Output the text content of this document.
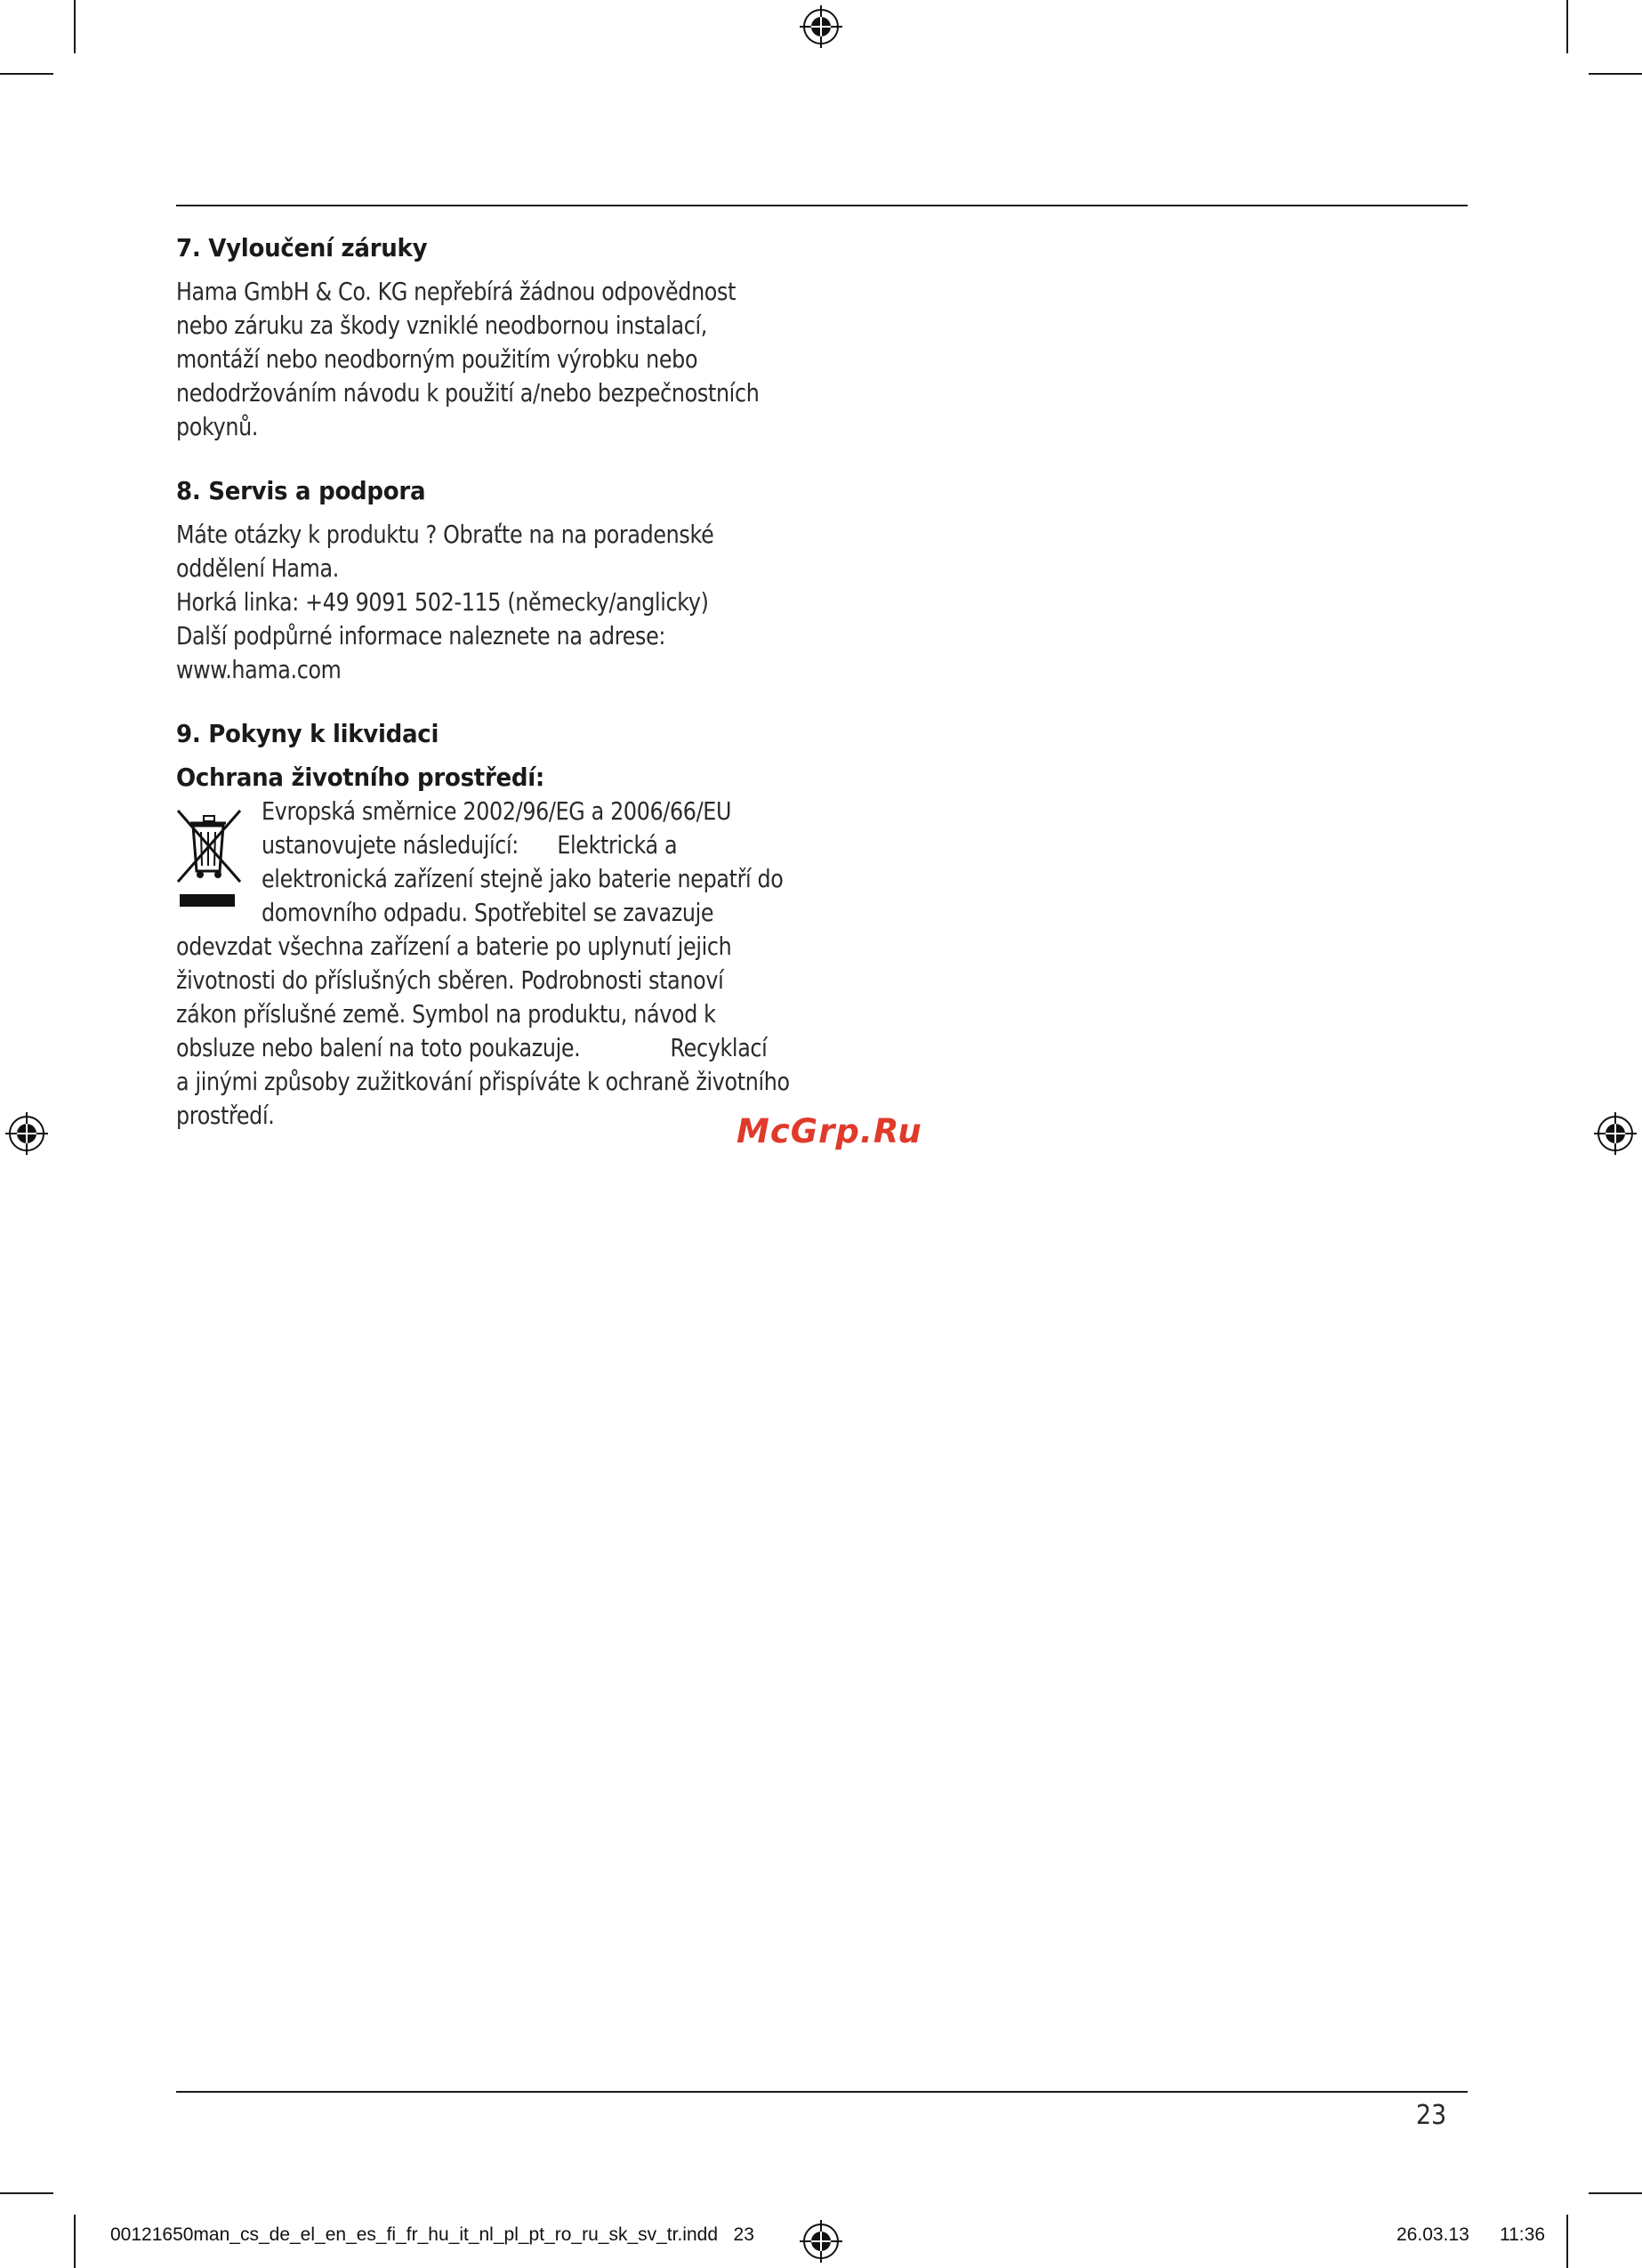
7. Vyloučení záruky

Hama GmbH & Co. KG nepřebírá žádnou odpovědnost
nebo záruku za škody vzniklé neodbornou instalací,
montáží nebo neodborným použitím výrobku nebo
nedodržováním návodu k použití a/nebo bezpečnostních
pokynů.

8. Servis a podpora

Máte otázky k produktu ? Obraťte na na poradenské
oddělení Hama.
Horká linka: +49 9091 502-115 (německy/anglicky)
Další podpůrné informace naleznete na adrese:
www.hama.com

9. Pokyny k likvidaci
Ochrana životního prostředí:

Evropská směrnice 2002/96/EG a 2006/66/EU
ustanovujete následující:      Elektrická a
elektronická zařízení stejně jako baterie nepatří do
domovního odpadu. Spotřebitel se zavazuje

odevzdat všechna zařízení a baterie po uplynutí jejich
životnosti do příslušných sběren. Podrobnosti stanoví
zákon příslušné země. Symbol na produktu, návod k
obsluze nebo balení na toto poukazuje.              Recyklací
a jinými způsoby zužitkování přispíváte k ochraně životního
prostředí.	McGrp.Ru
23
00121650man_cs_de_el_en_es_fi_fr_hu_it_nl_pl_pt_ro_ru_sk_sv_tr.indd   23	26.03.13 11:36
